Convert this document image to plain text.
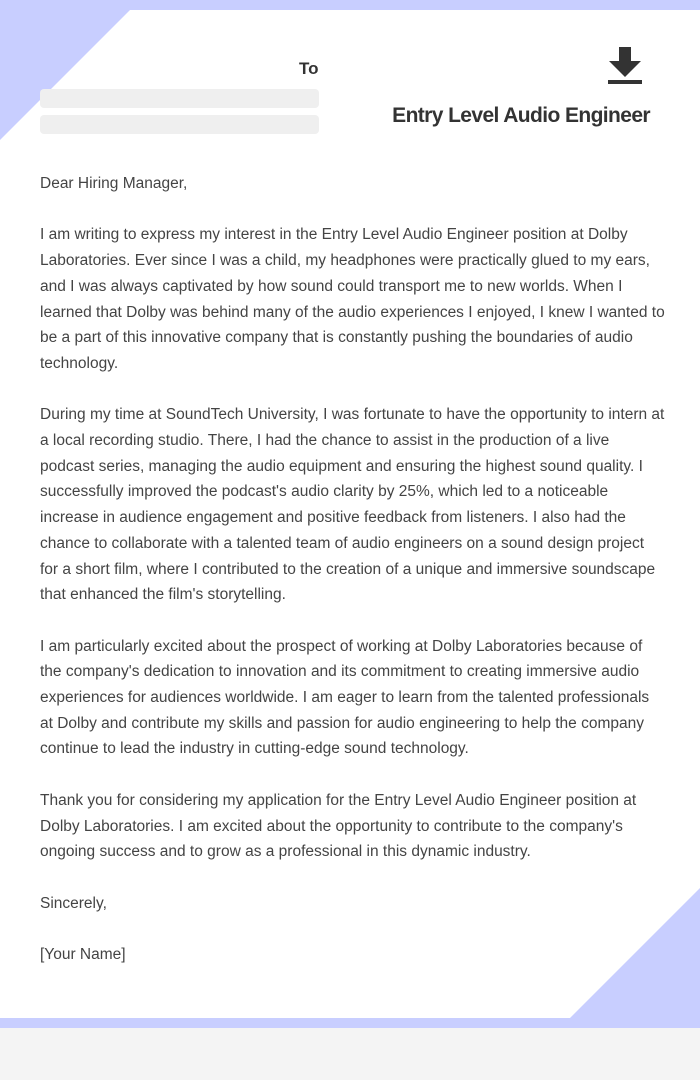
To
Entry Level Audio Engineer

Dear Hiring Manager,

I am writing to express my interest in the Entry Level Audio Engineer position at Dolby Laboratories. Ever since I was a child, my headphones were practically glued to my ears, and I was always captivated by how sound could transport me to new worlds. When I learned that Dolby was behind many of the audio experiences I enjoyed, I knew I wanted to be a part of this innovative company that is constantly pushing the boundaries of audio technology.

During my time at SoundTech University, I was fortunate to have the opportunity to intern at a local recording studio. There, I had the chance to assist in the production of a live podcast series, managing the audio equipment and ensuring the highest sound quality. I successfully improved the podcast's audio clarity by 25%, which led to a noticeable increase in audience engagement and positive feedback from listeners. I also had the chance to collaborate with a talented team of audio engineers on a sound design project for a short film, where I contributed to the creation of a unique and immersive soundscape that enhanced the film's storytelling.

I am particularly excited about the prospect of working at Dolby Laboratories because of the company's dedication to innovation and its commitment to creating immersive audio experiences for audiences worldwide. I am eager to learn from the talented professionals at Dolby and contribute my skills and passion for audio engineering to help the company continue to lead the industry in cutting-edge sound technology.

Thank you for considering my application for the Entry Level Audio Engineer position at Dolby Laboratories. I am excited about the opportunity to contribute to the company's ongoing success and to grow as a professional in this dynamic industry.

Sincerely,

[Your Name]
